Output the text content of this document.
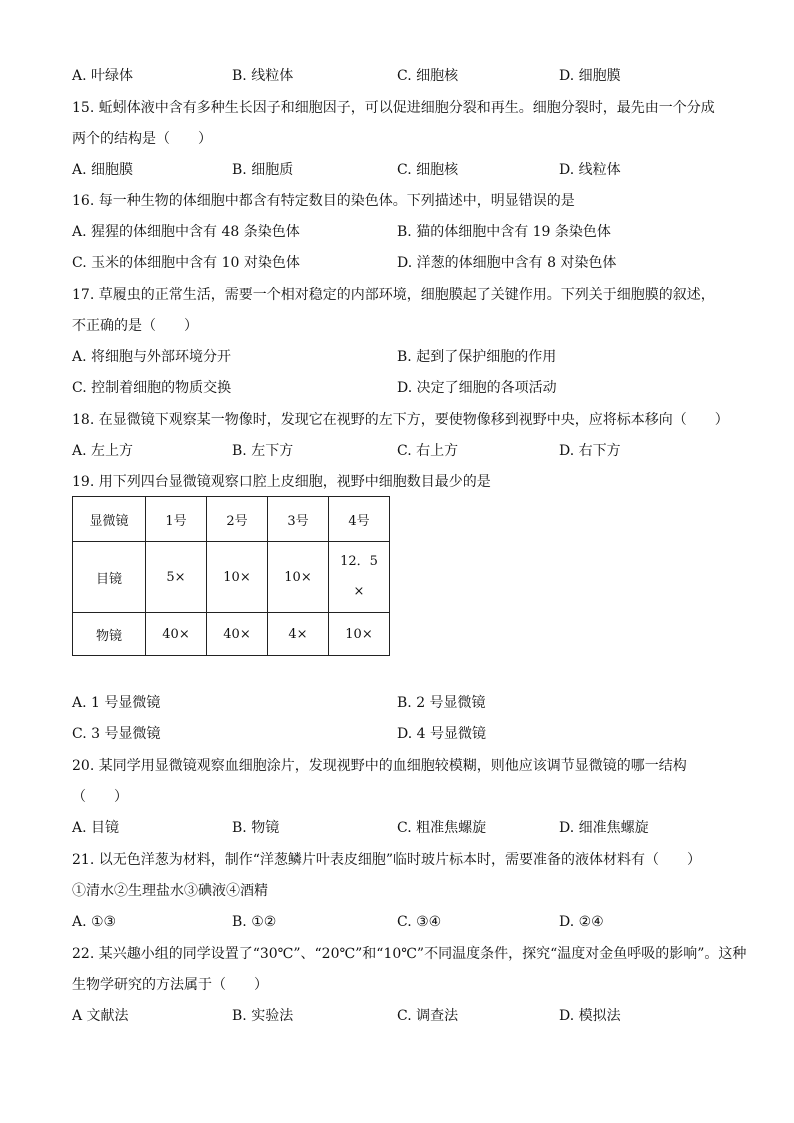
A. 叶绿体	B. 线粒体	C. 细胞核	D. 细胞膜
15. 蚯蚓体液中含有多种生长因子和细胞因子，可以促进细胞分裂和再生。细胞分裂时，最先由一个分成
两个的结构是（　　）
A. 细胞膜	B. 细胞质	C. 细胞核	D. 线粒体
16. 每一种生物的体细胞中都含有特定数目的染色体。下列描述中，明显错误的是
A. 猩猩的体细胞中含有 48 条染色体	B. 猫的体细胞中含有 19 条染色体
C. 玉米的体细胞中含有 10 对染色体	D. 洋葱的体细胞中含有 8 对染色体
17. 草履虫的正常生活，需要一个相对稳定的内部环境，细胞膜起了关键作用。下列关于细胞膜的叙述，
不正确的是（　　）
A. 将细胞与外部环境分开	B. 起到了保护细胞的作用
C. 控制着细胞的物质交换	D. 决定了细胞的各项活动
18. 在显微镜下观察某一物像时，发现它在视野的左下方，要使物像移到视野中央，应将标本移向（　　）
A. 左上方	B. 左下方	C. 右上方	D. 右下方
19. 用下列四台显微镜观察口腔上皮细胞，视野中细胞数目最少的是
显微镜	1号	2号	3号	4号
目镜	5×	10×	10×	12．5
×

物镜	40×	40×	4×	10×
A. 1 号显微镜	B. 2 号显微镜
C. 3 号显微镜	D. 4 号显微镜
20. 某同学用显微镜观察血细胞涂片，发现视野中的血细胞较模糊，则他应该调节显微镜的哪一结构
（　　）
A. 目镜	B. 物镜	C. 粗准焦螺旋	D. 细准焦螺旋
21. 以无色洋葱为材料，制作“洋葱鳞片叶表皮细胞”临时玻片标本时，需要准备的液体材料有（　　）
①清水②生理盐水③碘液④酒精
A. ①③	B. ①②	C. ③④	D. ②④
22. 某兴趣小组的同学设置了“30℃”、“20℃”和“10℃”不同温度条件，探究“温度对金鱼呼吸的影响”。这种
生物学研究的方法属于（　　）
A 文献法	B. 实验法	C. 调查法	D. 模拟法
